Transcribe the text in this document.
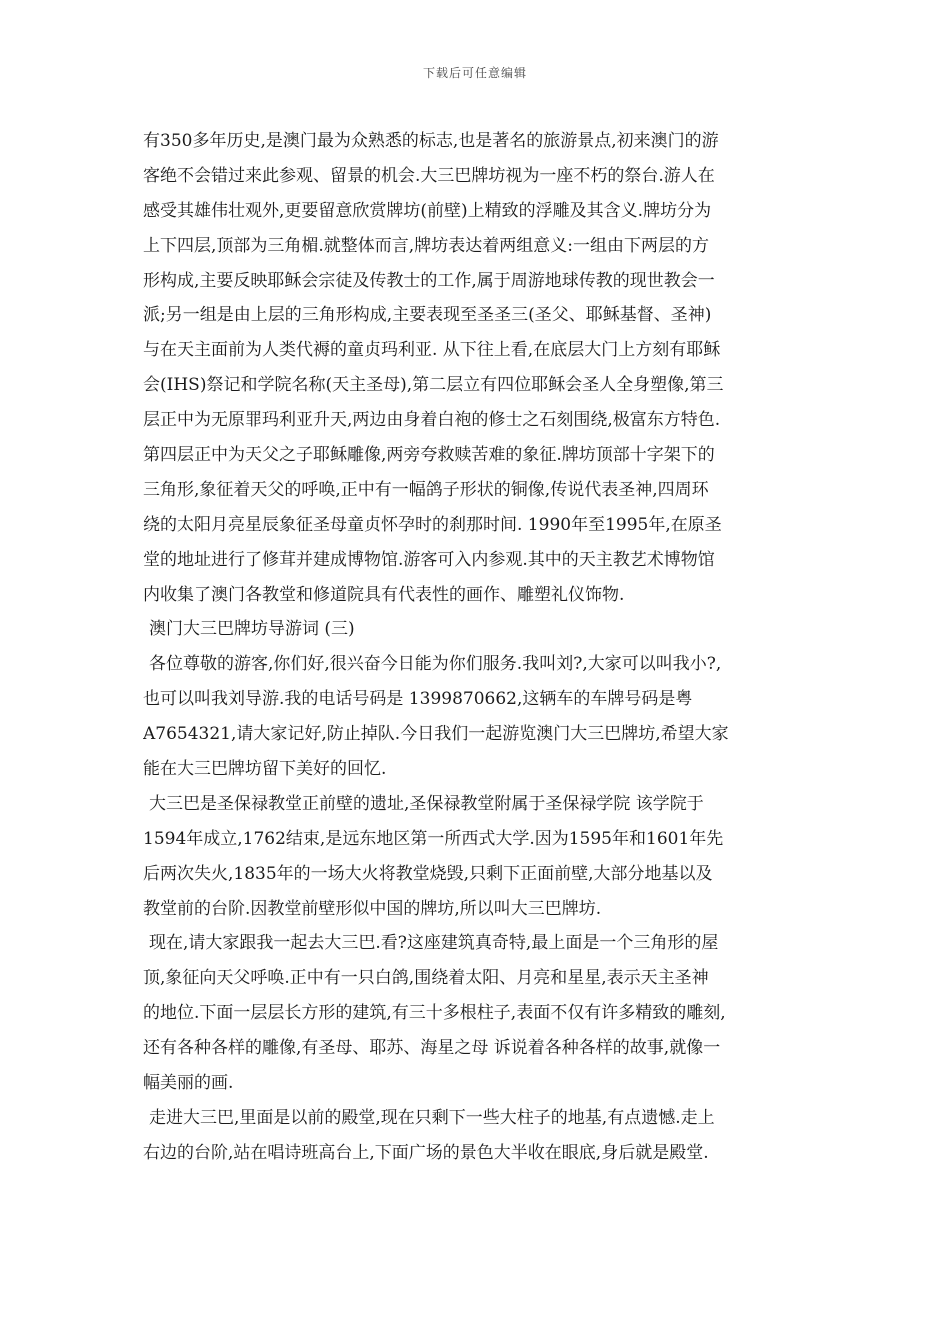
下载后可任意编辑
有350多年历史,是澳门最为众熟悉的标志,也是著名的旅游景点,初来澳门的游
客绝不会错过来此参观、留景的机会.大三巴牌坊视为一座不朽的祭台.游人在
感受其雄伟壮观外,更要留意欣赏牌坊(前壁)上精致的浮雕及其含义.牌坊分为
上下四层,顶部为三角楣.就整体而言,牌坊表达着两组意义:一组由下两层的方
形构成,主要反映耶稣会宗徒及传教士的工作,属于周游地球传教的现世教会一
派;另一组是由上层的三角形构成,主要表现至圣圣三(圣父、耶稣基督、圣神)
与在天主面前为人类代褥的童贞玛利亚. 从下往上看,在底层大门上方刻有耶稣
会(IHS)祭记和学院名称(天主圣母),第二层立有四位耶稣会圣人全身塑像,第三
层正中为无原罪玛利亚升天,两边由身着白袍的修士之石刻围绕,极富东方特色.
第四层正中为天父之子耶稣雕像,两旁夸救赎苦难的象征.牌坊顶部十字架下的
三角形,象征着天父的呼唤,正中有一幅鸽子形状的铜像,传说代表圣神,四周环
绕的太阳月亮星辰象征圣母童贞怀孕时的刹那时间. 1990年至1995年,在原圣
堂的地址进行了修茸并建成博物馆.游客可入内参观.其中的天主教艺术博物馆
内收集了澳门各教堂和修道院具有代表性的画作、雕塑礼仪饰物.
澳门大三巴牌坊导游词 (三)
各位尊敬的游客,你们好,很兴奋今日能为你们服务.我叫刘?,大家可以叫我小?,
也可以叫我刘导游.我的电话号码是 1399870662,这辆车的车牌号码是粤
A7654321,请大家记好,防止掉队.今日我们一起游览澳门大三巴牌坊,希望大家
能在大三巴牌坊留下美好的回忆.
大三巴是圣保禄教堂正前壁的遗址,圣保禄教堂附属于圣保禄学院 该学院于
1594年成立,1762结束,是远东地区第一所西式大学.因为1595年和1601年先
后两次失火,1835年的一场大火将教堂烧毁,只剩下正面前壁,大部分地基以及
教堂前的台阶.因教堂前壁形似中国的牌坊,所以叫大三巴牌坊.
现在,请大家跟我一起去大三巴.看?这座建筑真奇特,最上面是一个三角形的屋
顶,象征向天父呼唤.正中有一只白鸽,围绕着太阳、月亮和星星,表示天主圣神
的地位.下面一层层长方形的建筑,有三十多根柱子,表面不仅有许多精致的雕刻,
还有各种各样的雕像,有圣母、耶苏、海星之母 诉说着各种各样的故事,就像一
幅美丽的画.
走进大三巴,里面是以前的殿堂,现在只剩下一些大柱子的地基,有点遗憾.走上
右边的台阶,站在唱诗班高台上,下面广场的景色大半收在眼底,身后就是殿堂.
